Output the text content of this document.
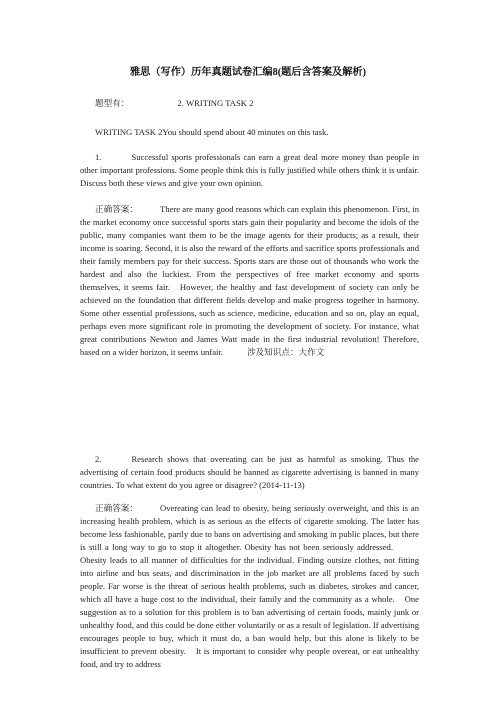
雅思（写作）历年真题试卷汇编8(题后含答案及解析)
题型有：	2. WRITING TASK 2
WRITING TASK 2You should spend about 40 minutes on this task.
1.	Successful sports professionals can earn a great deal more money than people in other important professions. Some people think this is fully justified while others think it is unfair. Discuss both these views and give your own opinion.
正确答案：	There are many good reasons which can explain this phenomenon. First, in the market economy once successful sports stars gain their popularity and become the idols of the public, many companies want them to be the image agents for their products; as a result, their income is soaring. Second, it is also the reward of the efforts and sacrifice sports professionals and their family members pay for their success. Sports stars are those out of thousands who work the hardest and also the luckiest. From the perspectives of free market economy and sports themselves, it seems fair. However, the healthy and fast development of society can only be achieved on the foundation that different fields develop and make progress together in harmony. Some other essential professions, such as science, medicine, education and so on, play an equal, perhaps even more significant role in promoting the development of society. For instance, what great contributions Newton and James Watt made in the first industrial revolution! Therefore, based on a wider horizon, it seems unfair.	涉及知识点：大作文
2.	Research shows that overeating can be just as harmful as smoking. Thus the advertising of certain food products should be banned as cigarette advertising is banned in many countries. To what extent do you agree or disagree? (2014-11-13)
正确答案：	Overeating can lead to obesity, being seriously overweight, and this is an increasing health problem, which is as serious as the effects of cigarette smoking. The latter has become less fashionable, partly due to bans on advertising and smoking in public places, but there is still a long way to go to stop it altogether. Obesity has not been seriously addressed.Obesity leads to all manner of difficulties for the individual. Finding outsize clothes, not fitting into airline and bus seats, and discrimination in the job market are all problems faced by such people. Far worse is the threat of serious health problems, such as diabetes, strokes and cancer, which all have a huge cost to the individual, their family and the community as a whole. One suggestion as to a solution for this problem is to ban advertising of certain foods, mainly junk or unhealthy food, and this could be done either voluntarily or as a result of legislation. If advertising encourages people to buy, which it must do, a ban would help, but this alone is likely to be insufficient to prevent obesity. It is important to consider why people overeat, or eat unhealthy food, and try to address
